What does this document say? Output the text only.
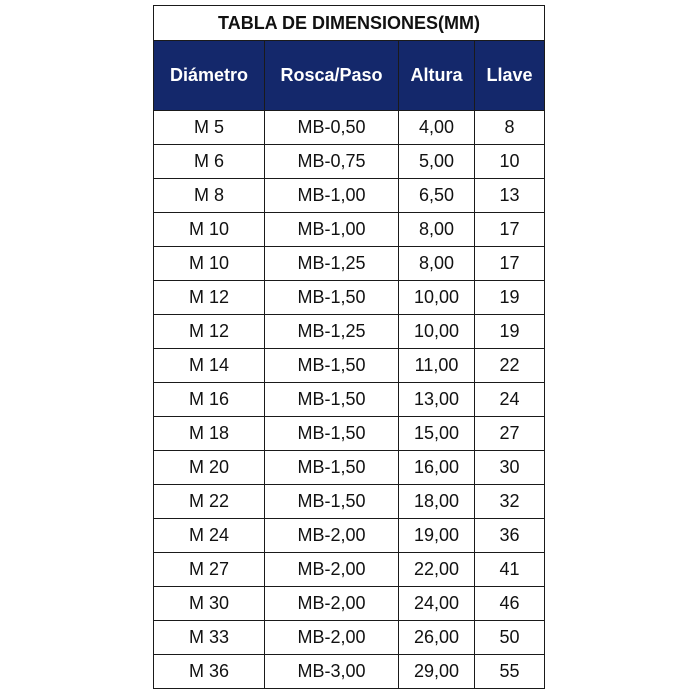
TABLA DE DIMENSIONES(MM)			
Diámetro	Rosca/Paso	Altura	Llave
M 5	MB-0,50	4,00	8
M 6	MB-0,75	5,00	10
M 8	MB-1,00	6,50	13
M 10	MB-1,00	8,00	17
M 10	MB-1,25	8,00	17
M 12	MB-1,50	10,00	19
M 12	MB-1,25	10,00	19
M 14	MB-1,50	11,00	22
M 16	MB-1,50	13,00	24
M 18	MB-1,50	15,00	27
M 20	MB-1,50	16,00	30
M 22	MB-1,50	18,00	32
M 24	MB-2,00	19,00	36
M 27	MB-2,00	22,00	41
M 30	MB-2,00	24,00	46
M 33	MB-2,00	26,00	50
M 36	MB-3,00	29,00	55
